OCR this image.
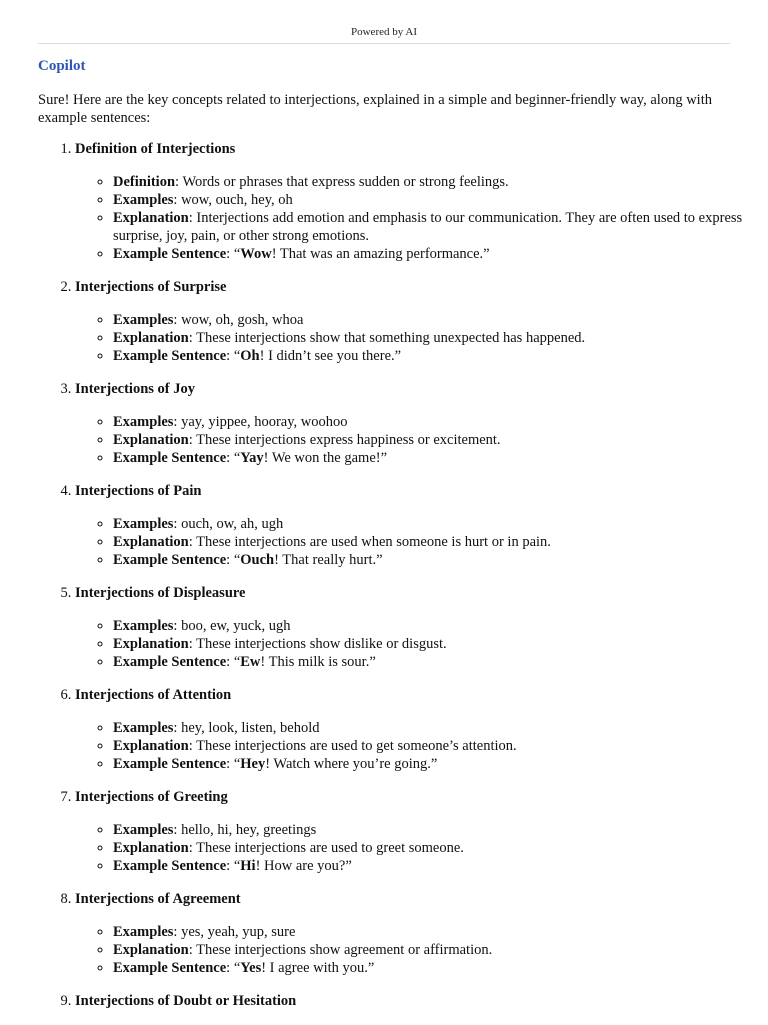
Powered by AI
Copilot

Sure! Here are the key concepts related to interjections, explained in a simple and beginner-friendly way, along with example sentences:

1. Definition of Interjections
◦ Definition: Words or phrases that express sudden or strong feelings.
◦ Examples: wow, ouch, hey, oh
◦ Explanation: Interjections add emotion and emphasis to our communication. They are often used to express surprise, joy, pain, or other strong emotions.
◦ Example Sentence: “Wow! That was an amazing performance.”
2. Interjections of Surprise
◦ Examples: wow, oh, gosh, whoa
◦ Explanation: These interjections show that something unexpected has happened.
◦ Example Sentence: “Oh! I didn’t see you there.”
3. Interjections of Joy
◦ Examples: yay, yippee, hooray, woohoo
◦ Explanation: These interjections express happiness or excitement.
◦ Example Sentence: “Yay! We won the game!”
4. Interjections of Pain
◦ Examples: ouch, ow, ah, ugh
◦ Explanation: These interjections are used when someone is hurt or in pain.
◦ Example Sentence: “Ouch! That really hurt.”
5. Interjections of Displeasure
◦ Examples: boo, ew, yuck, ugh
◦ Explanation: These interjections show dislike or disgust.
◦ Example Sentence: “Ew! This milk is sour.”
6. Interjections of Attention
◦ Examples: hey, look, listen, behold
◦ Explanation: These interjections are used to get someone’s attention.
◦ Example Sentence: “Hey! Watch where you’re going.”
7. Interjections of Greeting
◦ Examples: hello, hi, hey, greetings
◦ Explanation: These interjections are used to greet someone.
◦ Example Sentence: “Hi! How are you?”
8. Interjections of Agreement
◦ Examples: yes, yeah, yup, sure
◦ Explanation: These interjections show agreement or affirmation.
◦ Example Sentence: “Yes! I agree with you.”
9. Interjections of Doubt or Hesitation
